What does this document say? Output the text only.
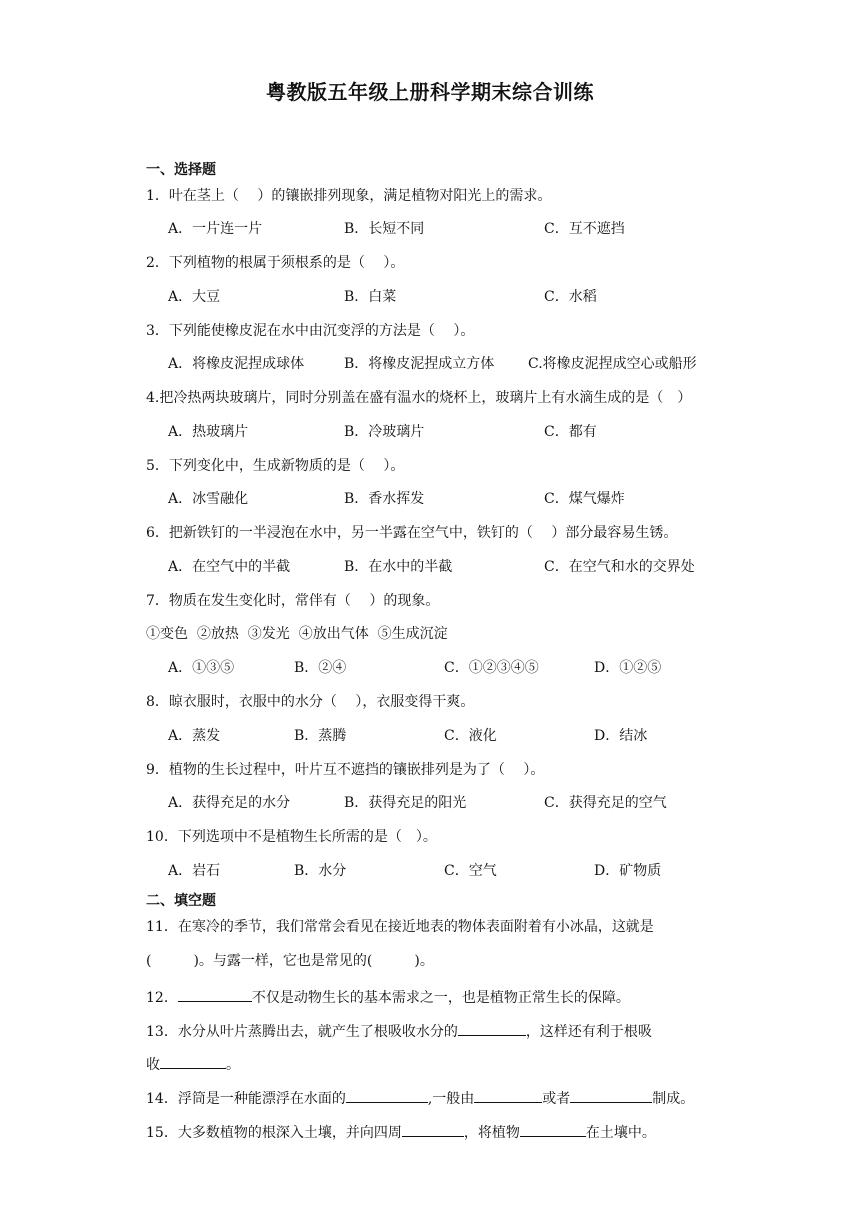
粤教版五年级上册科学期末综合训练
一、选择题
1．叶在茎上（　 ）的镶嵌排列现象，满足植物对阳光上的需求。
A．一片连一片	B．长短不同	C．互不遮挡
2．下列植物的根属于须根系的是（　 ）。
A．大豆	B．白菜	C．水稻
3．下列能使橡皮泥在水中由沉变浮的方法是（　 ）。
A．将橡皮泥捏成球体	B．将橡皮泥捏成立方体 C.将橡皮泥捏成空心或船形
4.把冷热两块玻璃片，同时分别盖在盛有温水的烧杯上，玻璃片上有水滴生成的是（　）
A．热玻璃片	B．冷玻璃片	C．都有
5．下列变化中，生成新物质的是（　 ）。
A．冰雪融化	B．香水挥发	C．煤气爆炸
6．把新铁钉的一半浸泡在水中，另一半露在空气中，铁钉的（　 ）部分最容易生锈。
A．在空气中的半截	B．在水中的半截	C．在空气和水的交界处
7．物质在发生变化时，常伴有（　 ）的现象。
①变色  ②放热  ③发光  ④放出气体  ⑤生成沉淀
A．①③⑤	B．②④	C．①②③④⑤	D．①②⑤
8．晾衣服时，衣服中的水分（　 ），衣服变得干爽。
A．蒸发	B．蒸腾	C．液化	D．结冰
9．植物的生长过程中，叶片互不遮挡的镶嵌排列是为了（　 ）。
A．获得充足的水分	B．获得充足的阳光	C．获得充足的空气
10．下列选项中不是植物生长所需的是（　）。
A．岩石	B．水分	C．空气	D．矿物质
二、填空题
11．在寒冷的季节，我们常常会看见在接近地表的物体表面附着有小冰晶，这就是
(　　　)。与露一样，它也是常见的(　　　)。
12．	不仅是动物生长的基本需求之一，也是植物正常生长的保障。
13．水分从叶片蒸腾出去，就产生了根吸收水分的	，这样还有利于根吸
收	。
14．浮筒是一种能漂浮在水面的	,一般由	或者	制成。
15．大多数植物的根深入土壤，并向四周	，将植物	在土壤中。
